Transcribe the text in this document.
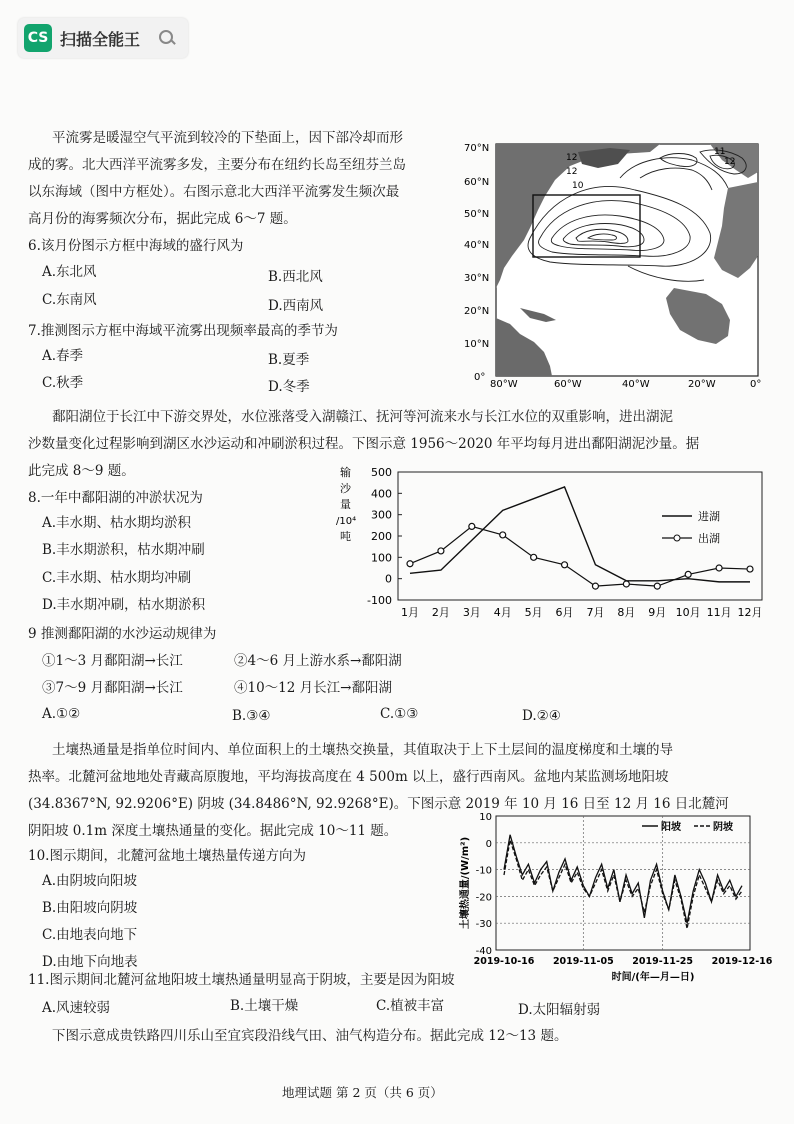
CS 扫描全能王
平流雾是暖湿空气平流到较冷的下垫面上，因下部冷却而形
成的雾。北大西洋平流雾多发，主要分布在纽约长岛至纽芬兰岛
以东海域（图中方框处）。右图示意北大西洋平流雾发生频次最
高月份的海雾频次分布，据此完成 6～7 题。
6.该月份图示方框中海域的盛行风为
A.东北风	B.西北风
C.东南风	D.西南风
7.推测图示方框中海域平流雾出现频率最高的季节为
A.春季	B.夏季
C.秋季	D.冬季
12
12
10
12
11
70°N
60°N
50°N
40°N
30°N
20°N
10°N
0°
80°W	60°W	40°W	20°W	0°
鄱阳湖位于长江中下游交界处，水位涨落受入湖赣江、抚河等河流来水与长江水位的双重影响，进出湖泥
沙数量变化过程影响到湖区水沙运动和冲刷淤积过程。下图示意 1956～2020 年平均每月进出鄱阳湖泥沙量。据
此完成 8～9 题。
8.一年中鄱阳湖的冲淤状况为
A.丰水期、枯水期均淤积
B.丰水期淤积，枯水期冲刷
C.丰水期、枯水期均冲刷
D.丰水期冲刷，枯水期淤积
输
沙
量
/10⁴
吨
-100
0
100
200
300
400
500
1月 2月 3月 4月 5月 6月 7月 8月 9月 10月 11月 12月
进湖
出湖
9 推测鄱阳湖的水沙运动规律为
①1～3 月鄱阳湖→长江	②4～6 月上游水系→鄱阳湖
③7～9 月鄱阳湖→长江	④10～12 月长江→鄱阳湖
A.①②	B.③④	C.①③	D.②④
土壤热通量是指单位时间内、单位面积上的土壤热交换量，其值取决于上下土层间的温度梯度和土壤的导
热率。北麓河盆地地处青藏高原腹地，平均海拔高度在 4 500m 以上，盛行西南风。盆地内某监测场地阳坡
(34.8367°N, 92.9206°E) 阴坡 (34.8486°N, 92.9268°E)。下图示意 2019 年 10 月 16 日至 12 月 16 日北麓河
阴阳坡 0.1m 深度土壤热通量的变化。据此完成 10～11 题。
10.图示期间，北麓河盆地土壤热量传递方向为
A.由阴坡向阳坡
B.由阳坡向阴坡
C.由地表向地下
D.由地下向地表
-40
-30
-20
-10
0
10
2019-10-16 2019-11-05 2019-11-25 2019-12-16
时间/(年—月—日)
土壤热通量/(W/m²)
阳坡	阴坡
11.图示期间北麓河盆地阳坡土壤热通量明显高于阴坡，主要是因为阳坡
A.风速较弱	B.土壤干燥	C.植被丰富	D.太阳辐射弱
下图示意成贵铁路四川乐山至宜宾段沿线气田、油气构造分布。据此完成 12～13 题。
地理试题 第 2 页（共 6 页）
